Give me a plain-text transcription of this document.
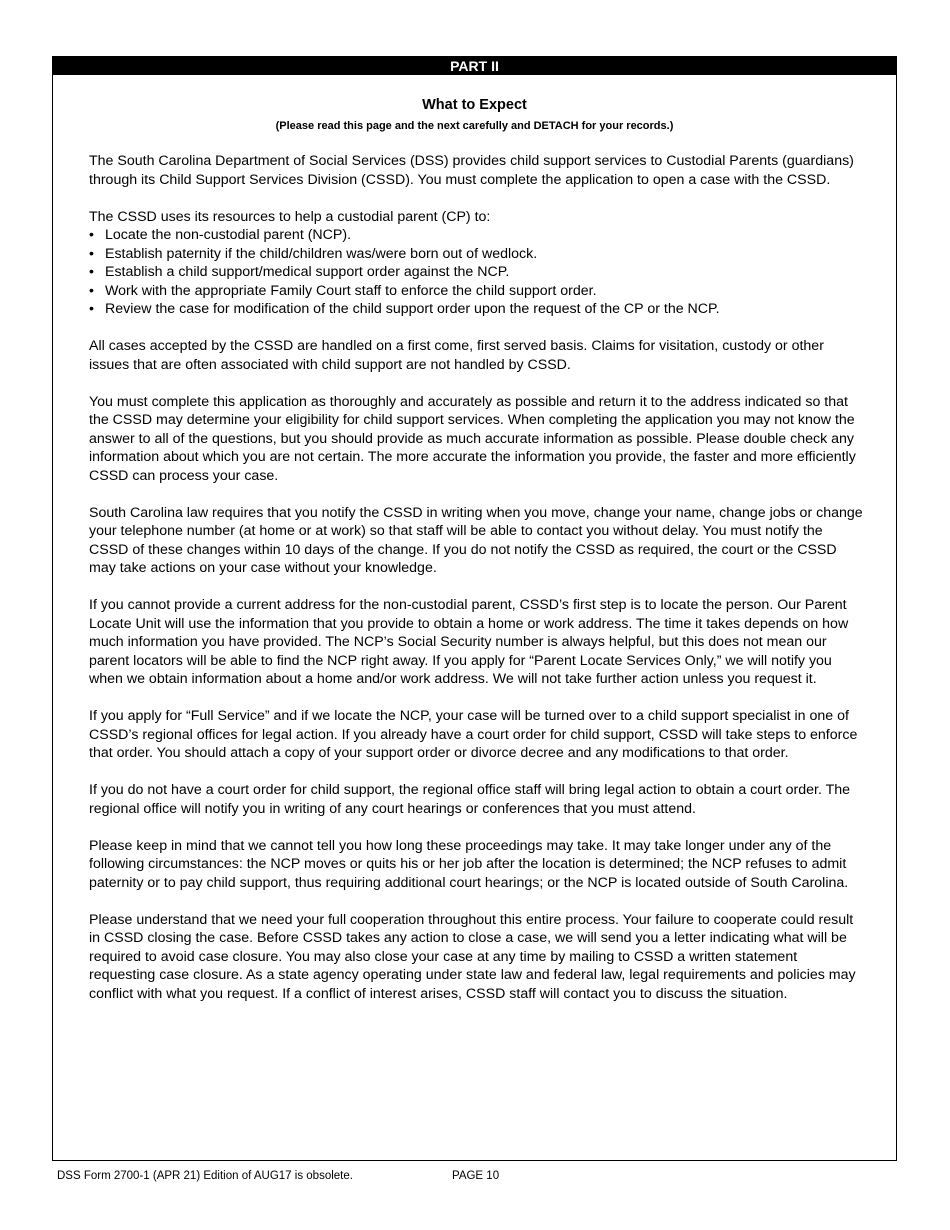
PART II
What to Expect
(Please read this page and the next carefully and DETACH for your records.)

The South Carolina Department of Social Services (DSS) provides child support services to Custodial Parents (guardians) through its Child Support Services Division (CSSD). You must complete the application to open a case with the CSSD.

The CSSD uses its resources to help a custodial parent (CP) to:

• Locate the non-custodial parent (NCP).
• Establish paternity if the child/children was/were born out of wedlock.
• Establish a child support/medical support order against the NCP.
• Work with the appropriate Family Court staff to enforce the child support order.
• Review the case for modification of the child support order upon the request of the CP or the NCP.

All cases accepted by the CSSD are handled on a first come, first served basis. Claims for visitation, custody or other issues that are often associated with child support are not handled by CSSD.

You must complete this application as thoroughly and accurately as possible and return it to the address indicated so that the CSSD may determine your eligibility for child support services. When completing the application you may not know the answer to all of the questions, but you should provide as much accurate information as possible. Please double check any information about which you are not certain. The more accurate the information you provide, the faster and more efficiently CSSD can process your case.

South Carolina law requires that you notify the CSSD in writing when you move, change your name, change jobs or change your telephone number (at home or at work) so that staff will be able to contact you without delay. You must notify the CSSD of these changes within 10 days of the change. If you do not notify the CSSD as required, the court or the CSSD may take actions on your case without your knowledge.

If you cannot provide a current address for the non-custodial parent, CSSD’s first step is to locate the person. Our Parent Locate Unit will use the information that you provide to obtain a home or work address. The time it takes depends on how much information you have provided. The NCP’s Social Security number is always helpful, but this does not mean our parent locators will be able to find the NCP right away. If you apply for “Parent Locate Services Only,” we will notify you when we obtain information about a home and/or work address. We will not take further action unless you request it.

If you apply for “Full Service” and if we locate the NCP, your case will be turned over to a child support specialist in one of CSSD’s regional offices for legal action. If you already have a court order for child support, CSSD will take steps to enforce that order. You should attach a copy of your support order or divorce decree and any modifications to that order.

If you do not have a court order for child support, the regional office staff will bring legal action to obtain a court order. The regional office will notify you in writing of any court hearings or conferences that you must attend.

Please keep in mind that we cannot tell you how long these proceedings may take. It may take longer under any of the following circumstances: the NCP moves or quits his or her job after the location is determined; the NCP refuses to admit paternity or to pay child support, thus requiring additional court hearings; or the NCP is located outside of South Carolina.

Please understand that we need your full cooperation throughout this entire process. Your failure to cooperate could result in CSSD closing the case. Before CSSD takes any action to close a case, we will send you a letter indicating what will be required to avoid case closure. You may also close your case at any time by mailing to CSSD a written statement requesting case closure. As a state agency operating under state law and federal law, legal requirements and policies may conflict with what you request. If a conflict of interest arises, CSSD staff will contact you to discuss the situation.

DSS Form 2700-1 (APR 21) Edition of AUG17 is obsolete.	PAGE 10
